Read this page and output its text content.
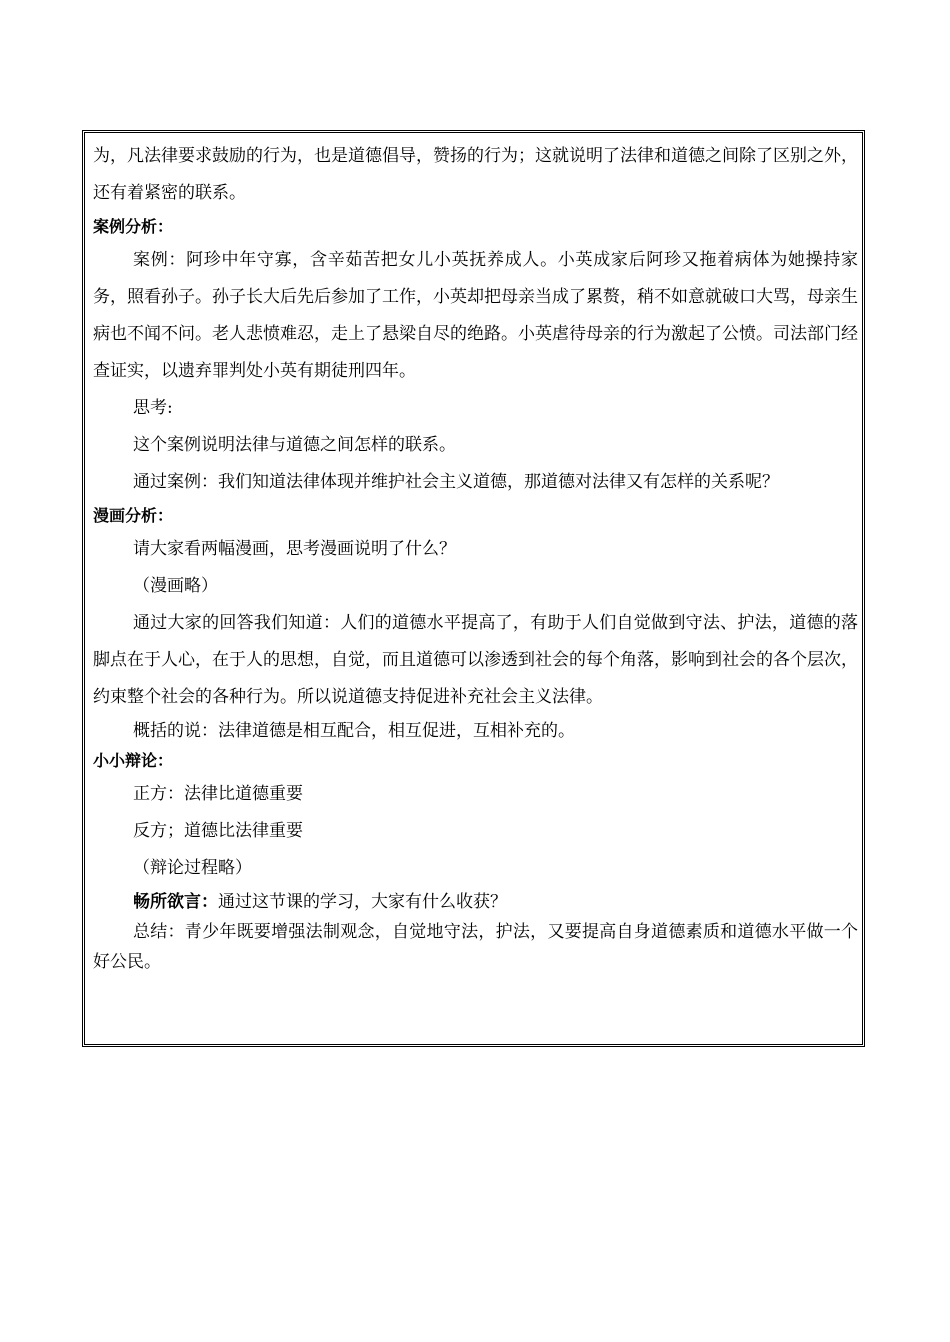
为，凡法律要求鼓励的行为，也是道德倡导，赞扬的行为；这就说明了法律和道德之间除了区别之外，还有着紧密的联系。

案例分析：

案例：阿珍中年守寡，含辛茹苦把女儿小英抚养成人。小英成家后阿珍又拖着病体为她操持家务，照看孙子。孙子长大后先后参加了工作，小英却把母亲当成了累赘，稍不如意就破口大骂，母亲生病也不闻不问。老人悲愤难忍，走上了悬梁自尽的绝路。小英虐待母亲的行为激起了公愤。司法部门经查证实，以遗弃罪判处小英有期徒刑四年。

思考:

这个案例说明法律与道德之间怎样的联系。

通过案例：我们知道法律体现并维护社会主义道德，那道德对法律又有怎样的关系呢？

漫画分析：

请大家看两幅漫画，思考漫画说明了什么？

（漫画略）

通过大家的回答我们知道：人们的道德水平提高了，有助于人们自觉做到守法、护法，道德的落脚点在于人心，在于人的思想，自觉，而且道德可以渗透到社会的每个角落，影响到社会的各个层次，约束整个社会的各种行为。所以说道德支持促进补充社会主义法律。

概括的说：法律道德是相互配合，相互促进，互相补充的。

小小辩论：

正方：法律比道德重要

反方；道德比法律重要

（辩论过程略）

畅所欲言：通过这节课的学习，大家有什么收获？

总结：青少年既要增强法制观念，自觉地守法，护法，又要提高自身道德素质和道德水平做一个好公民。
